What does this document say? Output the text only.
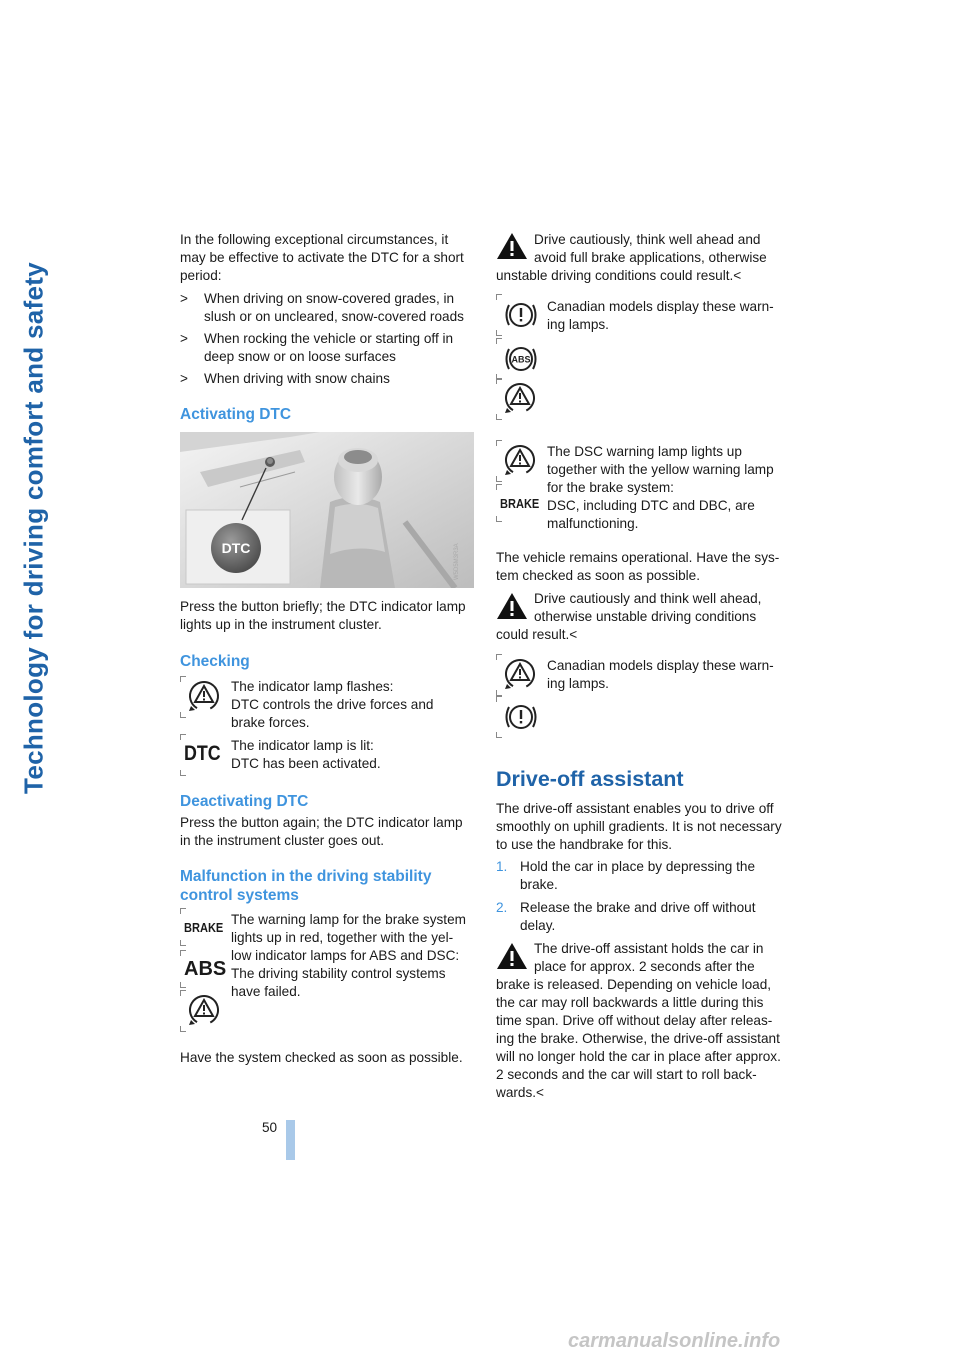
Technology for driving comfort and safety
In the following exceptional circumstances, it
may be effective to activate the DTC for a short
period:
> When driving on snow-covered grades, in
slush or on uncleared, snow-covered roads
> When rocking the vehicle or starting off in
deep snow or on loose surfaces
> When driving with snow chains
Activating DTC
DTC	W5D5M3R3A
Press the button briefly; the DTC indicator lamp
lights up in the instrument cluster.
Checking
The indicator lamp flashes:
DTC controls the drive forces and
brake forces.
DTC The indicator lamp is lit:
DTC has been activated.
Deactivating DTC
Press the button again; the DTC indicator lamp
in the instrument cluster goes out.
Malfunction in the driving stability
control systems
BRAKE
ABS
The warning lamp for the brake system
lights up in red, together with the yel-
low indicator lamps for ABS and DSC:
The driving stability control systems
have failed.
Have the system checked as soon as possible.
Drive cautiously, think well ahead and
avoid full brake applications, otherwise
unstable driving conditions could result.<
ABS
Canadian models display these warn-
ing lamps.
BRAKE
The DSC warning lamp lights up
together with the yellow warning lamp
for the brake system:
DSC, including DTC and DBC, are
malfunctioning.
The vehicle remains operational. Have the sys-
tem checked as soon as possible.
Drive cautiously and think well ahead,
otherwise unstable driving conditions
could result.<
Canadian models display these warn-
ing lamps.
Drive-off assistant
The drive-off assistant enables you to drive off
smoothly on uphill gradients. It is not necessary
to use the handbrake for this.
1. Hold the car in place by depressing the
brake.
2. Release the brake and drive off without
delay.
The drive-off assistant holds the car in
place for approx. 2 seconds after the
brake is released. Depending on vehicle load,
the car may roll backwards a little during this
time span. Drive off without delay after releas-
ing the brake. Otherwise, the drive-off assistant
will no longer hold the car in place after approx.
2 seconds and the car will start to roll back-
wards.<
50
carmanualsonline.info
